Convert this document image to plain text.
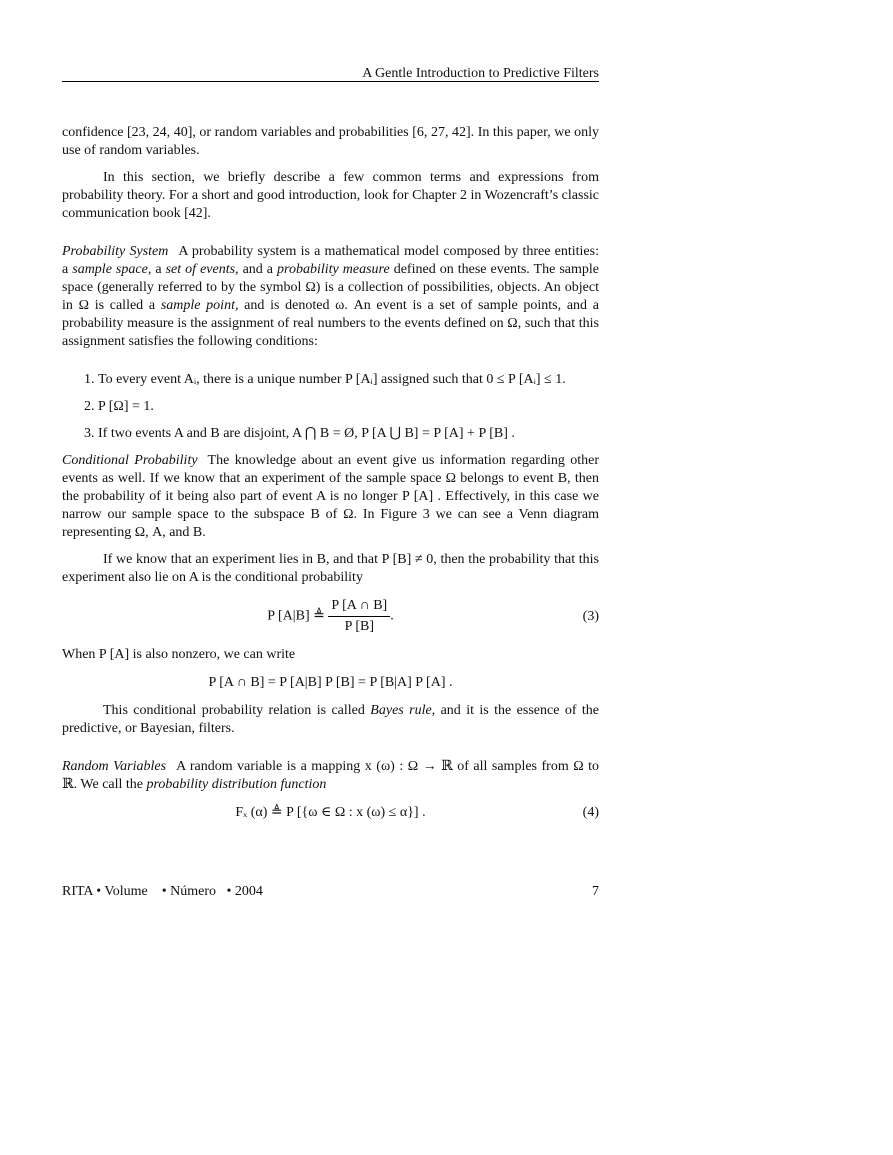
A Gentle Introduction to Predictive Filters

confidence [23, 24, 40], or random variables and probabilities [6, 27, 42]. In this paper, we only use of random variables.

In this section, we briefly describe a few common terms and expressions from probability theory. For a short and good introduction, look for Chapter 2 in Wozencraft’s classic communication book [42].

Probability System A probability system is a mathematical model composed by three entities: a sample space, a set of events, and a probability measure defined on these events. The sample space (generally referred to by the symbol Ω) is a collection of possibilities, objects. An object in Ω is called a sample point, and is denoted ω. An event is a set of sample points, and a probability measure is the assignment of real numbers to the events defined on Ω, such that this assignment satisfies the following conditions:

1. To every event Aᵢ, there is a unique number P [Aᵢ] assigned such that 0 ≤ P [Aᵢ] ≤ 1.
2. P [Ω] = 1.
3. If two events A and B are disjoint, A ⋂ B = Ø, P [A ⋃ B] = P [A] + P [B] .

Conditional Probability The knowledge about an event give us information regarding other events as well. If we know that an experiment of the sample space Ω belongs to event B, then the probability of it being also part of event A is no longer P [A] . Effectively, in this case we narrow our sample space to the subspace B of Ω. In Figure 3 we can see a Venn diagram representing Ω, A, and B.

If we know that an experiment lies in B, and that P [B] ≠ 0, then the probability that this experiment also lie on A is the conditional probability

P [A|B] ≜ $\frac{P [A \cap B]}{P [B]}$ .	(3)

When P [A] is also nonzero, we can write

P [A ∩ B] = P [A|B] P [B] = P [B|A] P [A] .

This conditional probability relation is called Bayes rule, and it is the essence of the predictive, or Bayesian, filters.

Random Variables A random variable is a mapping x (ω) : Ω → ℝ of all samples from Ω to ℝ. We call the probability distribution function

Fₓ (α) ≜ P [{ω ∈ Ω : x (ω) ≤ α}] .	(4)
RITA • Volume    • Número   • 2004	7
